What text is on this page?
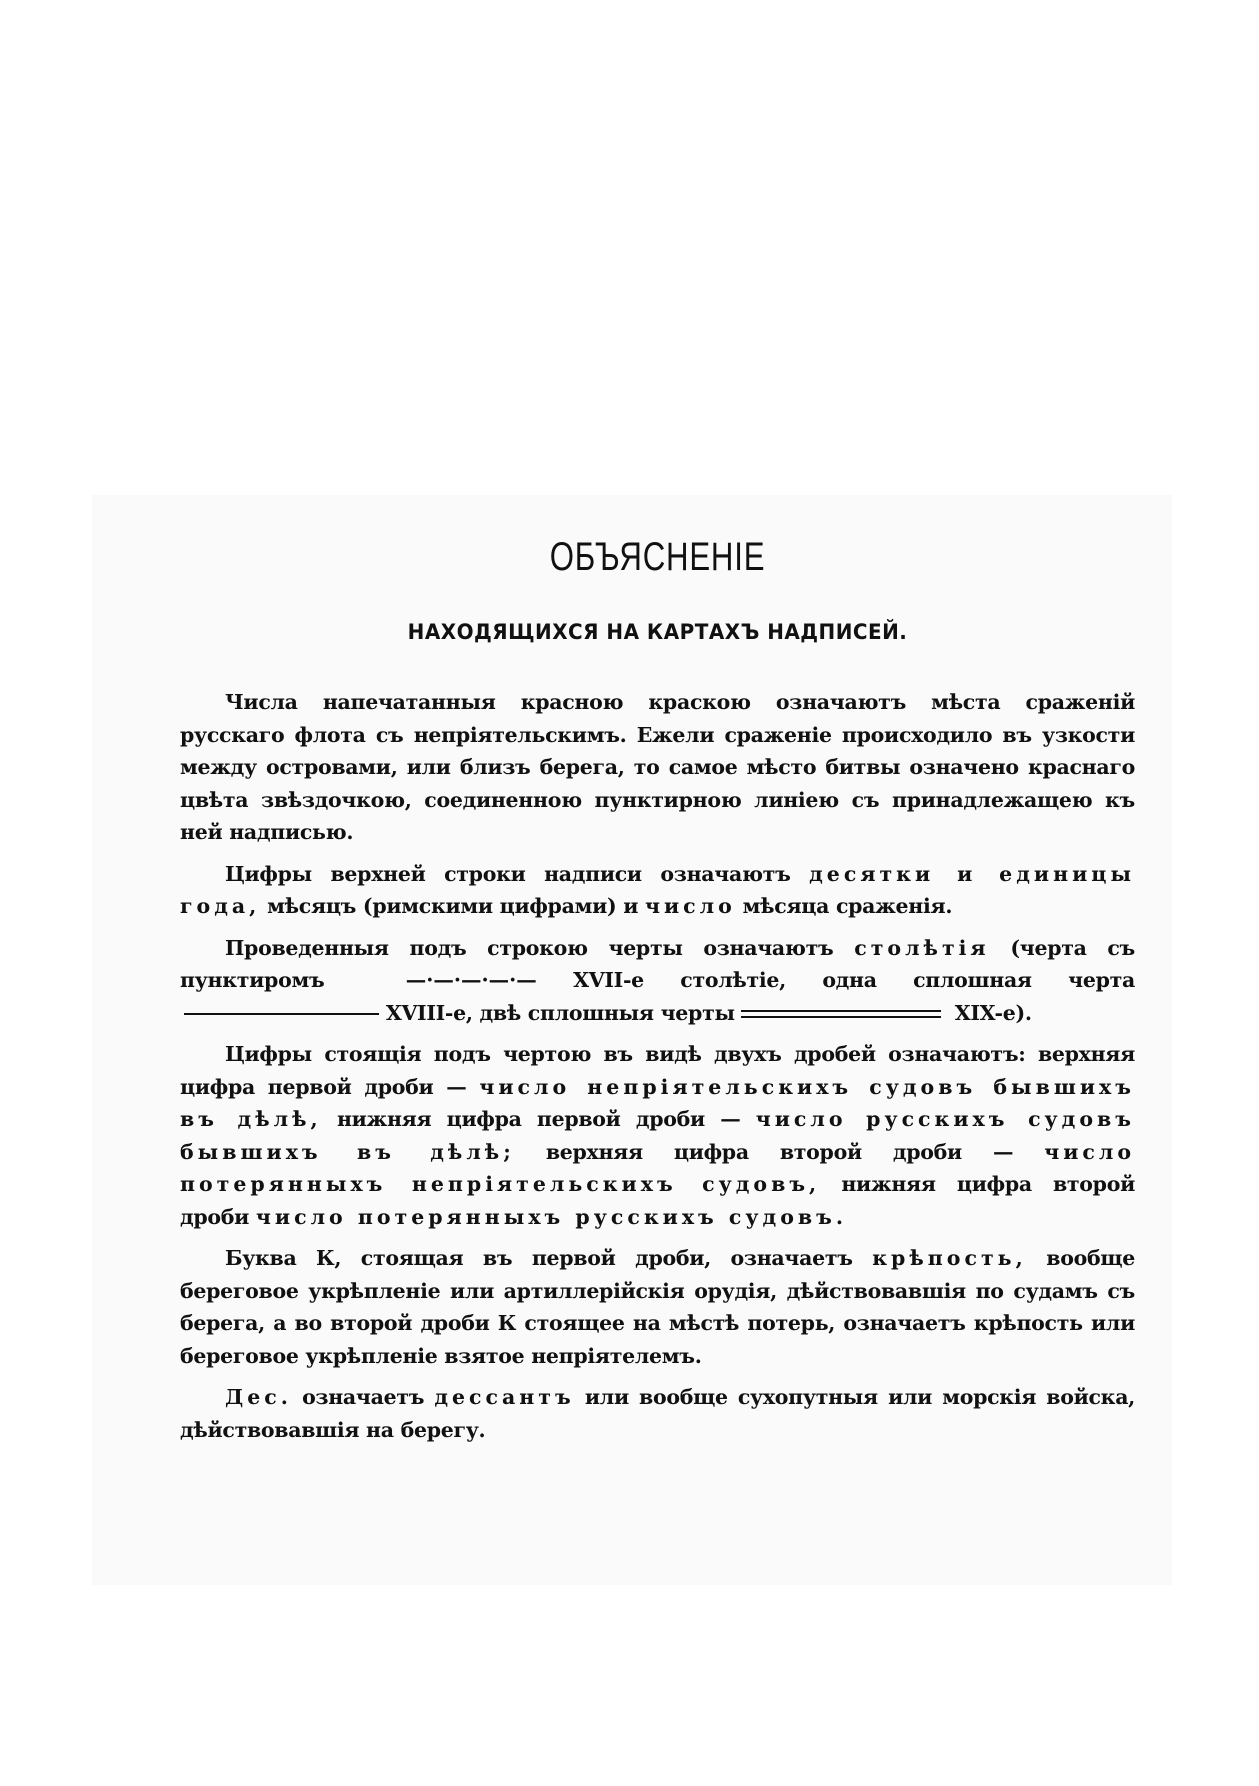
ОБЪЯСНЕНIЕ
НАХОДЯЩИХСЯ НА КАРТАХЪ НАДПИСЕЙ.

Числа напечатанныя красною краскою означаютъ мѣста сраженiй русскаго флота съ непрiятельскимъ. Ежели сраженiе происходило въ узкости между островами, или близъ берега, то самое мѣсто битвы означено краснаго цвѣта звѣздочкою, соединенною пунктирною линiею съ принадлежащею къ ней надписью.

Цифры верхней строки надписи означаютъ десятки и единицы года, мѣсяцъ (римскими цифрами) и число мѣсяца сраженiя.

Проведенныя подъ строкою черты означаютъ столѣтiя (черта съ пунктиромъ	—·—·—·—·— XVII-е столѣтiе, одна сплошная черта XVIII-е, двѣ сплошныя черты	XIX-е).

Цифры стоящiя подъ чертою въ видѣ двухъ дробей означаютъ: верхняя цифра первой дроби — число непрiятельскихъ судовъ бывшихъ въ дѣлѣ, нижняя цифра первой дроби — число русскихъ судовъ бывшихъ въ дѣлѣ; верхняя цифра второй дроби — число потерянныхъ непрiятельскихъ судовъ, нижняя цифра второй дроби число потерянныхъ русскихъ судовъ.

Буква К, стоящая въ первой дроби, означаетъ крѣпость, вообще береговое укрѣпленiе или артиллерiйскiя орудiя, дѣйствовавшiя по судамъ съ берега, а во второй дроби К стоящее на мѣстѣ потерь, означаетъ крѣпость или береговое укрѣпленiе взятое непрiятелемъ.

Дес. означаетъ дессантъ или вообще сухопутныя или морскiя войска, дѣйствовавшiя на берегу.
